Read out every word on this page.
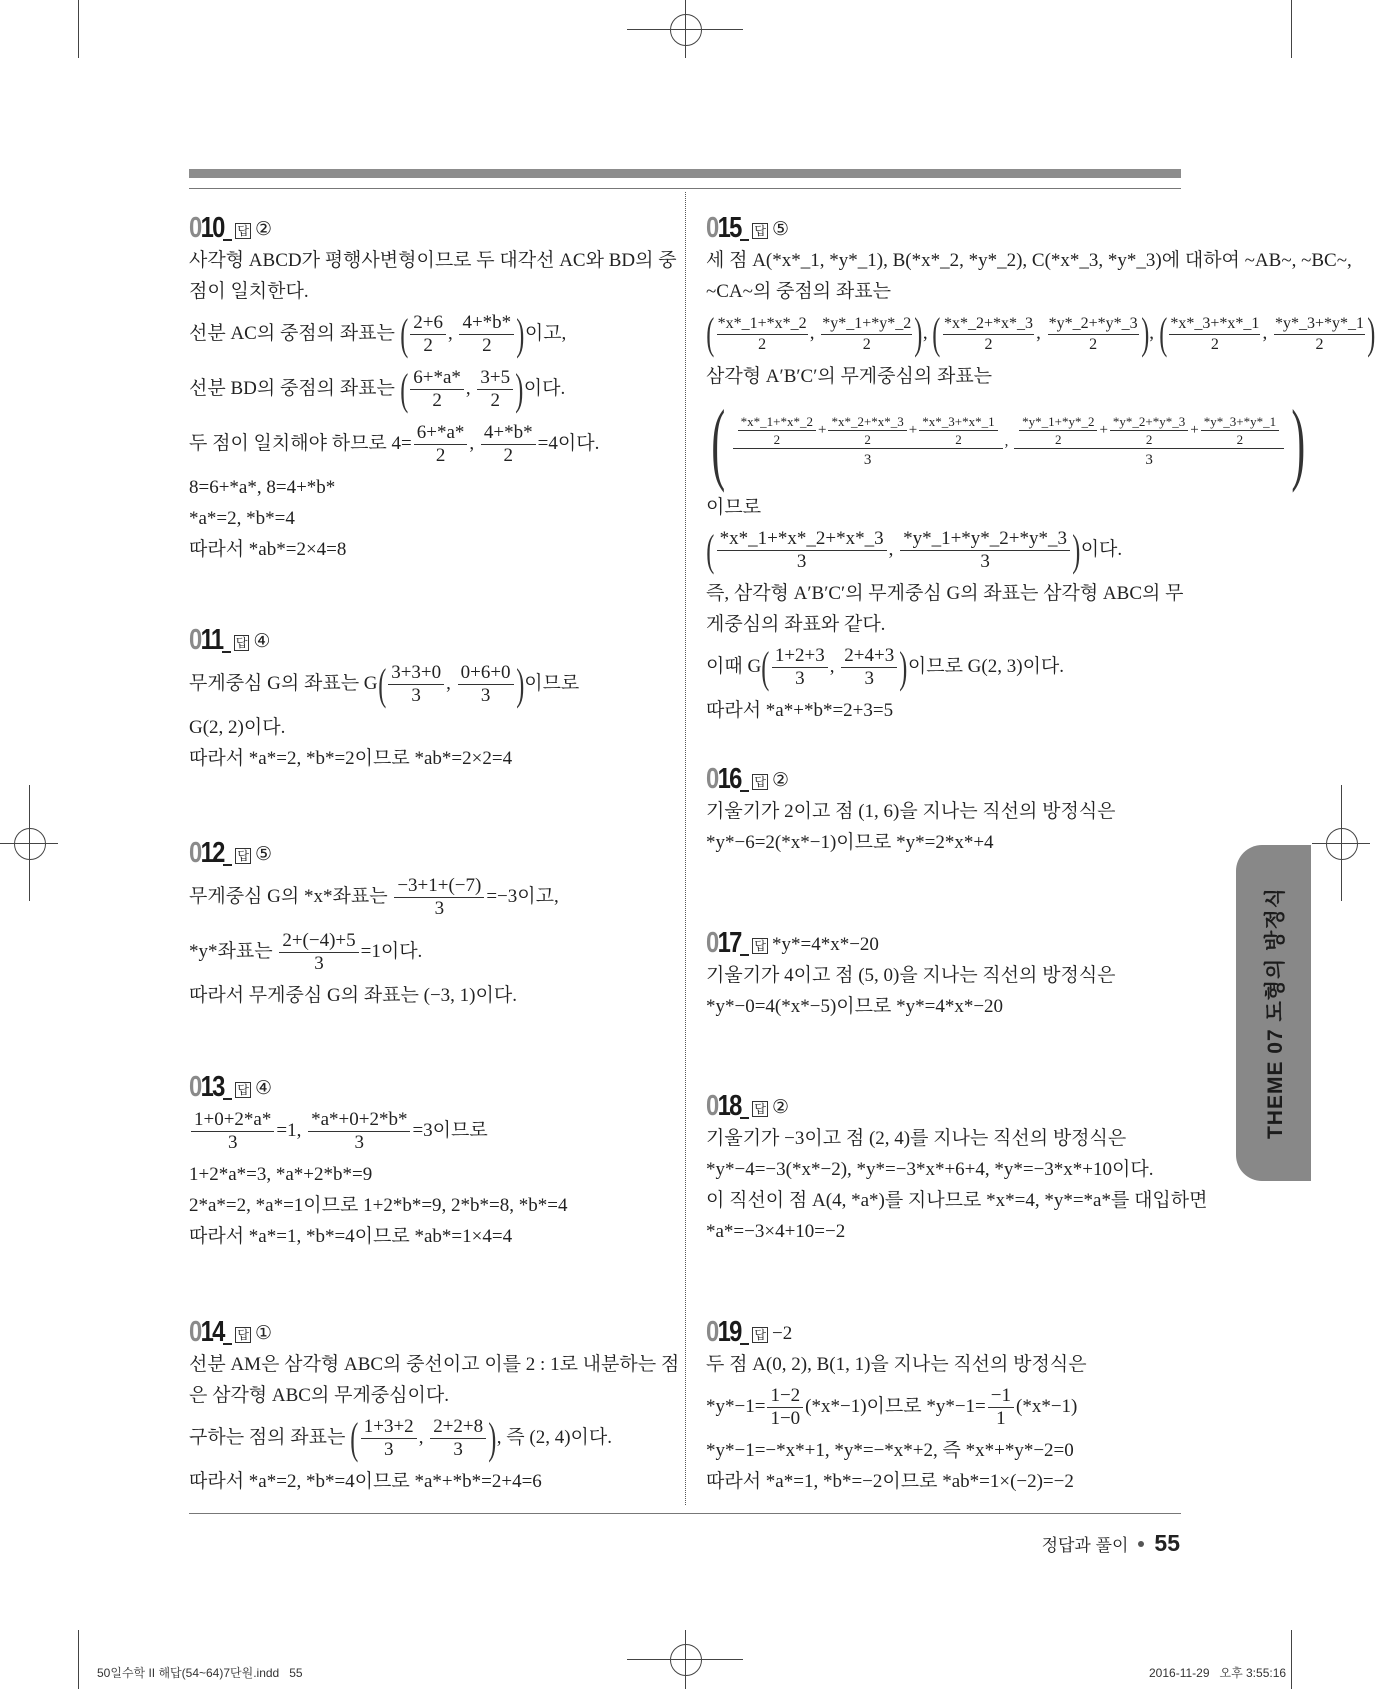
010 답 ②
사각형 ABCD가 평행사변형이므로 두 대각선 AC와 BD의 중
점이 일치한다.
선분 AC의 중점의 좌표는 ( $\frac{2+6}{2}$ , $\frac{4+*b*}{2}$ )이고,
선분 BD의 중점의 좌표는 ( $\frac{6+*a*}{2}$ , $\frac{3+5}{2}$ )이다.
두 점이 일치해야 하므로 $4= \frac{6+*a*}{2}$ , $\frac{4+*b*}{2} =4$이다.
8=6+*a*, 8=4+*b*
*a*=2, *b*=4
따라서 *ab*=2×4=8
011 답 ④
무게중심 G의 좌표는 $G( \frac{3+3+0}{3}$ , $\frac{0+6+0}{3}$ )이므로
G(2, 2)이다.
따라서 *a*=2, *b*=2이므로 *ab*=2×2=4
012 답 ⑤
무게중심 G의 *x*좌표는 $\frac{-3+1+(-7)}{3} =-3$이고,
*y*좌표는 $\frac{2+(-4)+5}{3} =1$이다.
따라서 무게중심 G의 좌표는 (−3, 1)이다.
013 답 ④
$\frac{1+0+2*a*}{3} =1$, $\frac{*a*+0+2*b*}{3} =3$이므로
1+2*a*=3, *a*+2*b*=9
2*a*=2, *a*=1이므로 1+2*b*=9, 2*b*=8, *b*=4
따라서 *a*=1, *b*=4이므로 *ab*=1×4=4
014 답 ①
선분 AM은 삼각형 ABC의 중선이고 이를 2 : 1로 내분하는 점
은 삼각형 ABC의 무게중심이다.
구하는 점의 좌표는 ( $\frac{1+3+2}{3}$ , $\frac{2+2+8}{3}$ ), 즉 (2, 4)이다.
따라서 *a*=2, *b*=4이므로 *a*+*b*=2+4=6
015 답 ⑤
세 점 A(*x*_1, *y*_1), B(*x*_2, *y*_2), C(*x*_3, *y*_3)에 대하여 ~AB~, ~BC~,
~CA~의 중점의 좌표는
( $\frac{*x*\_1+*x*\_2}{2}$ , $\frac{*y*\_1+*y*\_2}{2}$ ), ( $\frac{*x*\_2+*x*\_3}{2}$ , $\frac{*y*\_2+*y*\_3}{2}$ ), ( $\frac{*x*\_3+*x*\_1}{2}$ , $\frac{*y*\_3+*y*\_1}{2}$ )
삼각형 A′B′C′의 무게중심의 좌표는
( $\frac{\frac{*x*\_1+*x*\_2}{2} + \frac{*x*\_2+*x*\_3}{2} + \frac{*x*\_3+*x*\_1}{2}}{3}$ , $\frac{\frac{*y*\_1+*y*\_2}{2} + \frac{*y*\_2+*y*\_3}{2} + \frac{*y*\_3+*y*\_1}{2}}{3}$ )
이므로
( $\frac{*x*\_1+*x*\_2+*x*\_3}{3}$ , $\frac{*y*\_1+*y*\_2+*y*\_3}{3}$ )이다.
즉, 삼각형 A′B′C′의 무게중심 G의 좌표는 삼각형 ABC의 무
게중심의 좌표와 같다.
이때 $G( \frac{1+2+3}{3}$ , $\frac{2+4+3}{3}$ )이므로 G(2, 3)이다.
따라서 *a*+*b*=2+3=5
016 답 ②
기울기가 2이고 점 (1, 6)을 지나는 직선의 방정식은
*y*−6=2(*x*−1)이므로 *y*=2*x*+4
017 답 *y*=4*x*−20
기울기가 4이고 점 (5, 0)을 지나는 직선의 방정식은
*y*−0=4(*x*−5)이므로 *y*=4*x*−20
018 답 ②
기울기가 −3이고 점 (2, 4)를 지나는 직선의 방정식은
*y*−4=−3(*x*−2), *y*=−3*x*+6+4, *y*=−3*x*+10이다.
이 직선이 점 A(4, *a*)를 지나므로 *x*=4, *y*=*a*를 대입하면
*a*=−3×4+10=−2
019 답 −2
두 점 A(0, 2), B(1, 1)을 지나는 직선의 방정식은
$*y*-1= \frac{1-2}{1-0} (*x*-1)$이므로 $*y*-1= \frac{-1}{1} (*x*-1)$
*y*−1=−*x*+1, *y*=−*x*+2, 즉 *x*+*y*−2=0
따라서 *a*=1, *b*=−2이므로 *ab*=1×(−2)=−2
THEME 07 도형의 방정식
정답과 풀이 55
50일수학 II 해답(54~64)7단원.indd   55	2016-11-29   오후 3:55:16
